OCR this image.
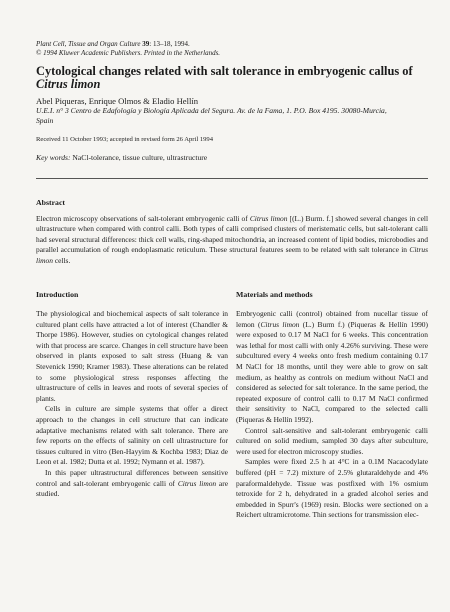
Plant Cell, Tissue and Organ Culture 39: 13–18, 1994.
© 1994 Kluwer Academic Publishers. Printed in the Netherlands.
Cytological changes related with salt tolerance in embryogenic callus of
Citrus limon
Abel Piqueras, Enrique Olmos & Eladio Hellín
U.E.I. n° 3 Centro de Edafología y Biología Aplicada del Segura. Av. de la Fama, 1. P.O. Box 4195. 30080-Murcia,
Spain
Received 11 October 1993; accepted in revised form 26 April 1994
Key words: NaCl-tolerance, tissue culture, ultrastructure
Abstract
Electron microscopy observations of salt-tolerant embryogenic calli of Citrus limon [(L.) Burm. f.] showed several changes in cell ultrastructure when compared with control calli. Both types of calli comprised clusters of meristematic cells, but salt-tolerant calli had several structural differences: thick cell walls, ring-shaped mitochondria, an increased content of lipid bodies, microbodies and parallel accumulation of rough endoplasmatic reticulum. These structural features seem to be related with salt tolerance in Citrus limon cells.
Introduction

The physiological and biochemical aspects of salt tolerance in cultured plant cells have attracted a lot of interest (Chandler & Thorpe 1986). However, studies on cytological changes related with that process are scarce. Changes in cell structure have been observed in plants exposed to salt stress (Huang & van Stevenick 1990; Kramer 1983). These alterations can be related to some physiological stress responses affecting the ultrastructure of cells in leaves and roots of several species of plants.

Cells in culture are simple systems that offer a direct approach to the changes in cell structure that can indicate adaptative mechanisms related with salt tolerance. There are few reports on the effects of salinity on cell ultrastructure for tissues cultured in vitro (Ben-Hayyim & Kochba 1983; Diaz de Leon et al. 1982; Dutta et al. 1992; Nymann et al. 1987).

In this paper ultrastructural differences between sensitive control and salt-tolerant embryogenic calli of Citrus limon are studied.

Materials and methods

Embryogenic calli (control) obtained from nucellar tissue of lemon (Citrus limon (L.) Burm f.) (Piqueras & Hellín 1990) were exposed to 0.17 M NaCl for 6 weeks. This concentration was lethal for most calli with only 4.26% surviving. These were subcultured every 4 weeks onto fresh medium containing 0.17 M NaCl for 18 months, until they were able to grow on salt medium, as healthy as controls on medium without NaCl and considered as selected for salt tolerance. In the same period, the repeated exposure of control calli to 0.17 M NaCl confirmed their sensitivity to NaCl, compared to the selected calli (Piqueras & Hellín 1992).

Control salt-sensitive and salt-tolerant embryogenic calli cultured on solid medium, sampled 30 days after subculture, were used for electron microscopy studies.

Samples were fixed 2.5 h at 4°C in a 0.1M Nacacodylate buffered (pH = 7.2) mixture of 2.5% glutaraldehyde and 4% paraformaldehyde. Tissue was postfixed with 1% osmium tetroxide for 2 h, dehydrated in a graded alcohol series and embedded in Spurr's (1969) resin. Blocks were sectioned on a Reichert ultramicrotome. Thin sections for transmission elec-
